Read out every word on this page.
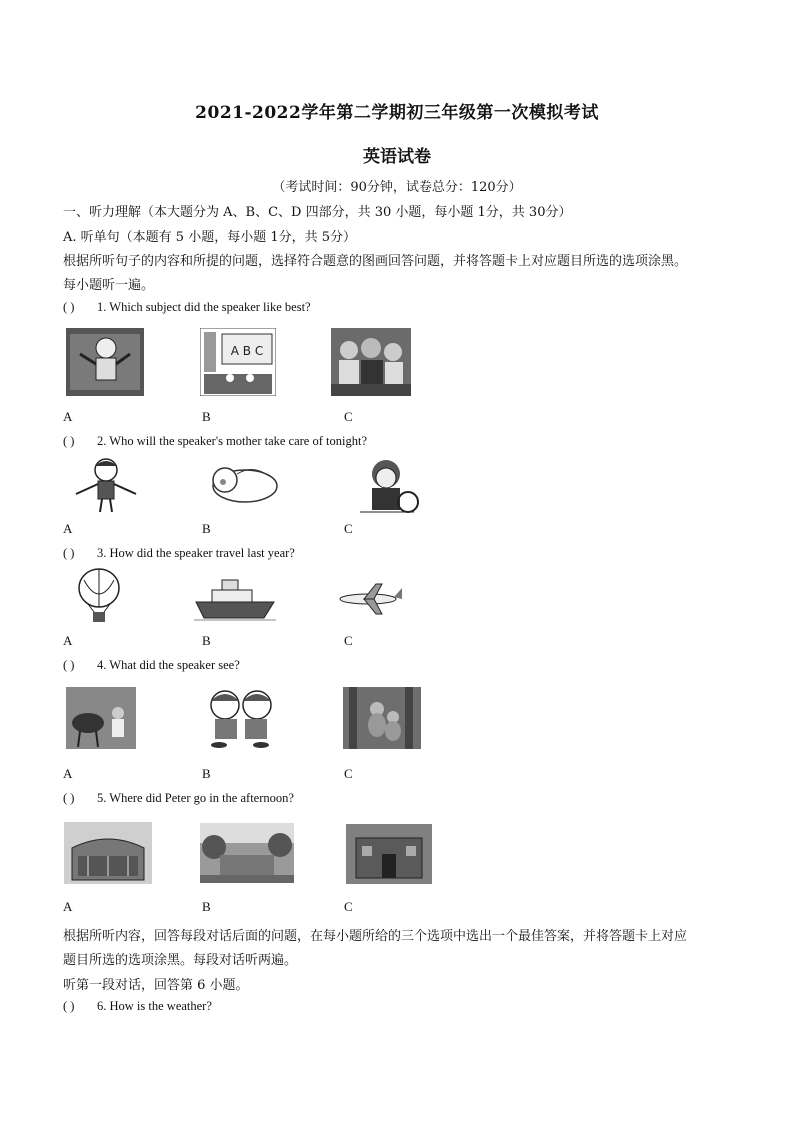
2021-2022学年第二学期初三年级第一次模拟考试
英语试卷
（考试时间：90分钟，试卷总分：120分）
一、听力理解（本大题分为 A、B、C、D 四部分，共 30 小题，每小题 1分，共 30分）
A. 听单句（本题有 5 小题，每小题 1分，共 5分）
根据所听句子的内容和所提的问题，选择符合题意的图画回答问题，并将答题卡上对应题目所选的选项涂黑。
每小题听一遍。
( ) 1. Which subject did the speaker like best?
A B C
A	B	C
( ) 2. Who will the speaker's mother take care of tonight?
A	B	C
( ) 3. How did the speaker travel last year?
A	B	C
( ) 4. What did the speaker see?
A	B	C
( ) 5. Where did Peter go in the afternoon?
A	B	C
根据所听内容，回答每段对话后面的问题，在每小题所给的三个选项中选出一个最佳答案，并将答题卡上对应
题目所选的选项涂黑。每段对话听两遍。
听第一段对话，回答第 6 小题。
( ) 6. How is the weather?
